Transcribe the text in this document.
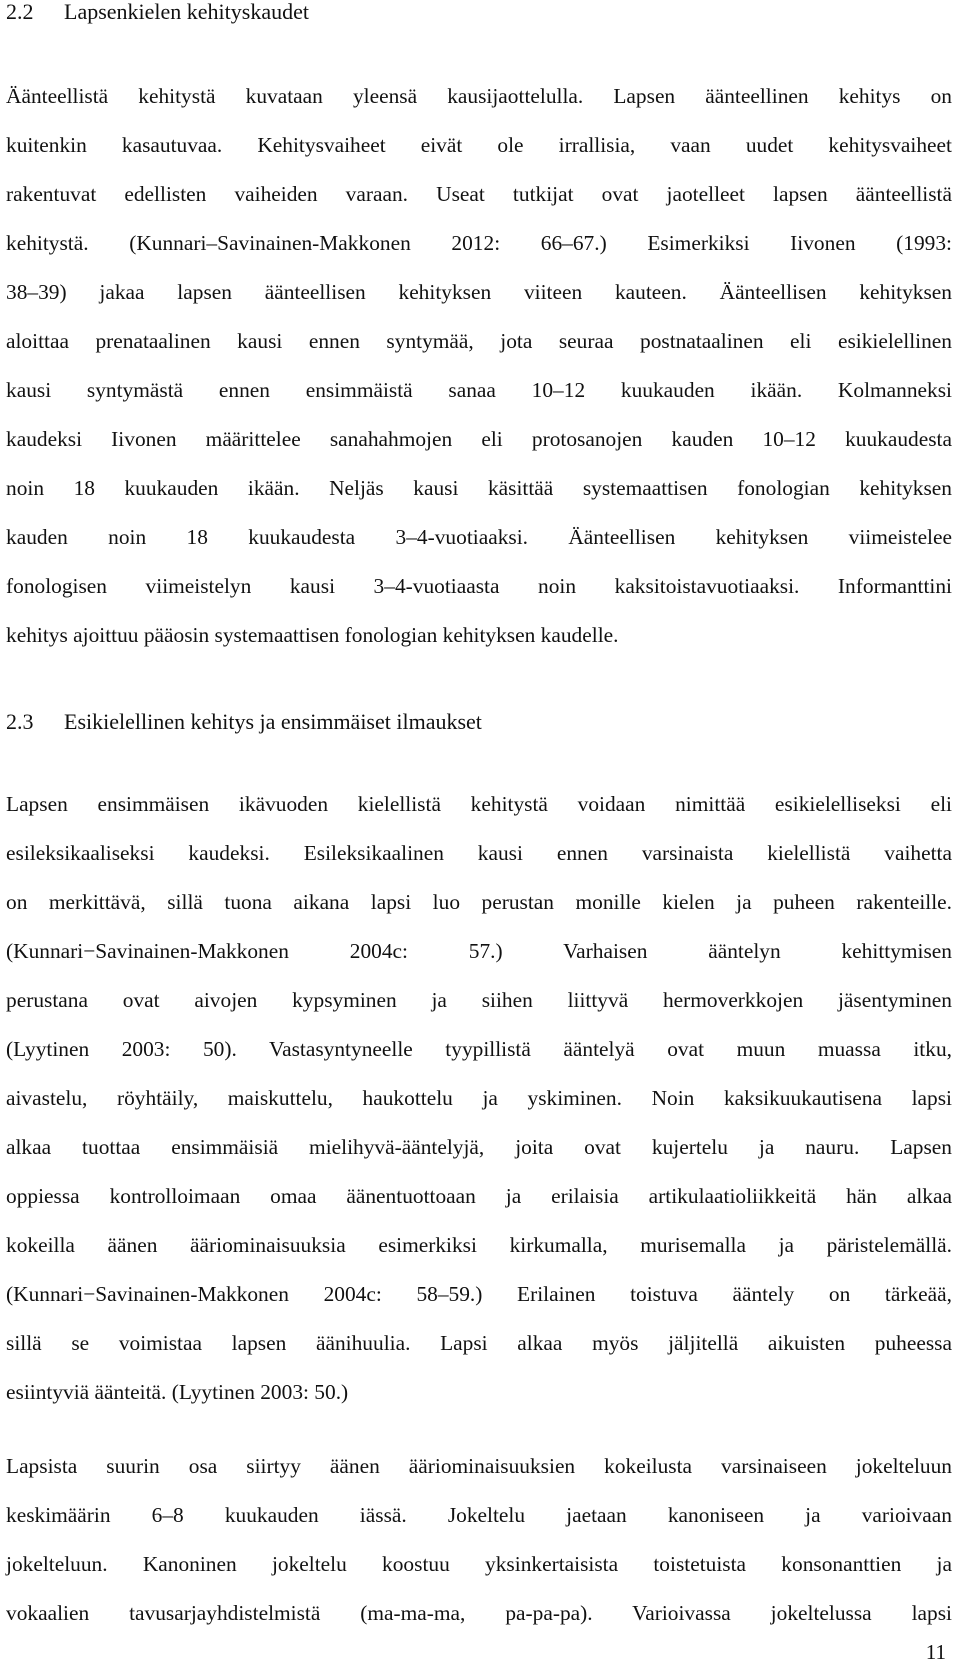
2.2 Lapsenkielen kehityskaudet
Äänteellistä kehitystä kuvataan yleensä kausijaottelulla. Lapsen äänteellinen kehitys on
kuitenkin kasautuvaa. Kehitysvaiheet eivät ole irrallisia, vaan uudet kehitysvaiheet
rakentuvat edellisten vaiheiden varaan. Useat tutkijat ovat jaotelleet lapsen äänteellistä
kehitystä. (Kunnari–Savinainen-Makkonen 2012: 66–67.) Esimerkiksi Iivonen (1993:
38–39) jakaa lapsen äänteellisen kehityksen viiteen kauteen. Äänteellisen kehityksen
aloittaa prenataalinen kausi ennen syntymää, jota seuraa postnataalinen eli esikielellinen
kausi syntymästä ennen ensimmäistä sanaa 10–12 kuukauden ikään. Kolmanneksi
kaudeksi Iivonen määrittelee sanahahmojen eli protosanojen kauden 10–12 kuukaudesta
noin 18 kuukauden ikään. Neljäs kausi käsittää systemaattisen fonologian kehityksen
kauden noin 18 kuukaudesta 3–4-vuotiaaksi. Äänteellisen kehityksen viimeistelee
fonologisen viimeistelyn kausi 3–4-vuotiaasta noin kaksitoistavuotiaaksi. Informanttini
kehitys ajoittuu pääosin systemaattisen fonologian kehityksen kaudelle.
2.3 Esikielellinen kehitys ja ensimmäiset ilmaukset
Lapsen ensimmäisen ikävuoden kielellistä kehitystä voidaan nimittää esikielelliseksi eli
esileksikaaliseksi kaudeksi. Esileksikaalinen kausi ennen varsinaista kielellistä vaihetta
on merkittävä, sillä tuona aikana lapsi luo perustan monille kielen ja puheen rakenteille.
(Kunnari−Savinainen-Makkonen 2004c: 57.) Varhaisen ääntelyn kehittymisen
perustana ovat aivojen kypsyminen ja siihen liittyvä hermoverkkojen jäsentyminen
(Lyytinen 2003: 50). Vastasyntyneelle tyypillistä ääntelyä ovat muun muassa itku,
aivastelu, röyhtäily, maiskuttelu, haukottelu ja yskiminen. Noin kaksikuukautisena lapsi
alkaa tuottaa ensimmäisiä mielihyvä-ääntelyjä, joita ovat kujertelu ja nauru. Lapsen
oppiessa kontrolloimaan omaa äänentuottoaan ja erilaisia artikulaatioliikkeitä hän alkaa
kokeilla äänen ääriominaisuuksia esimerkiksi kirkumalla, murisemalla ja päristelemällä.
(Kunnari−Savinainen-Makkonen 2004c: 58–59.) Erilainen toistuva ääntely on tärkeää,
sillä se voimistaa lapsen äänihuulia. Lapsi alkaa myös jäljitellä aikuisten puheessa
esiintyviä äänteitä. (Lyytinen 2003: 50.)
Lapsista suurin osa siirtyy äänen ääriominaisuuksien kokeilusta varsinaiseen jokelteluun
keskimäärin 6–8 kuukauden iässä. Jokeltelu jaetaan kanoniseen ja varioivaan
jokelteluun. Kanoninen jokeltelu koostuu yksinkertaisista toistetuista konsonanttien ja
vokaalien tavusarjayhdistelmistä (ma-ma-ma, pa-pa-pa). Varioivassa jokeltelussa lapsi
11
